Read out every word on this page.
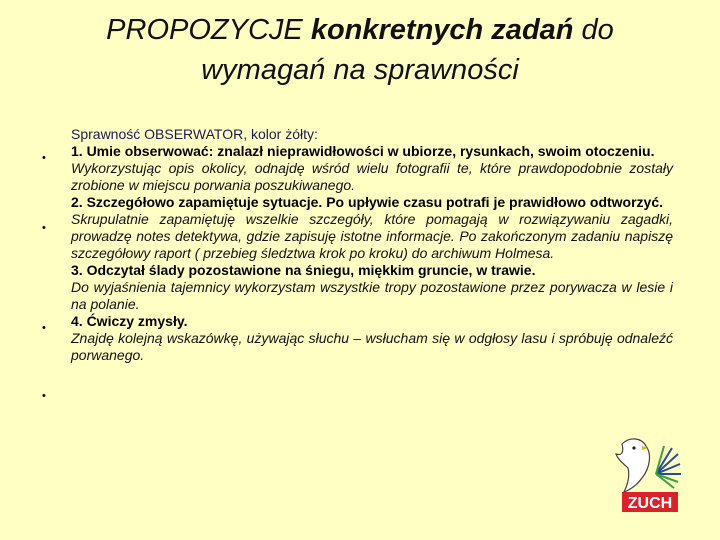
PROPOZYCJE konkretnych zadań do
wymagań na sprawności
•
•
•
•
Sprawność OBSERWATOR, kolor żółty:
1. Umie obserwować: znalazł nieprawidłowości w ubiorze, rysunkach, swoim otoczeniu.
Wykorzystując opis okolicy, odnajdę wśród wielu fotografii te, które prawdopodobnie zostały zrobione w miejscu porwania poszukiwanego.
2. Szczegółowo zapamiętuje sytuacje. Po upływie czasu potrafi je prawidłowo odtworzyć.
Skrupulatnie zapamiętuję wszelkie szczegóły, które pomagają w rozwiązywaniu zagadki, prowadzę notes detektywa, gdzie zapisuję istotne informacje. Po zakończonym zadaniu napiszę szczegółowy raport ( przebieg śledztwa krok po kroku) do archiwum Holmesa.
3. Odczytał ślady pozostawione na śniegu, miękkim gruncie, w trawie.
Do wyjaśnienia tajemnicy wykorzystam wszystkie tropy pozostawione przez porywacza w lesie i na polanie.
4. Ćwiczy zmysły.
Znajdę kolejną wskazówkę, używając słuchu – wsłucham się w odgłosy lasu i spróbuję odnaleźć porwanego.
ZUCH
